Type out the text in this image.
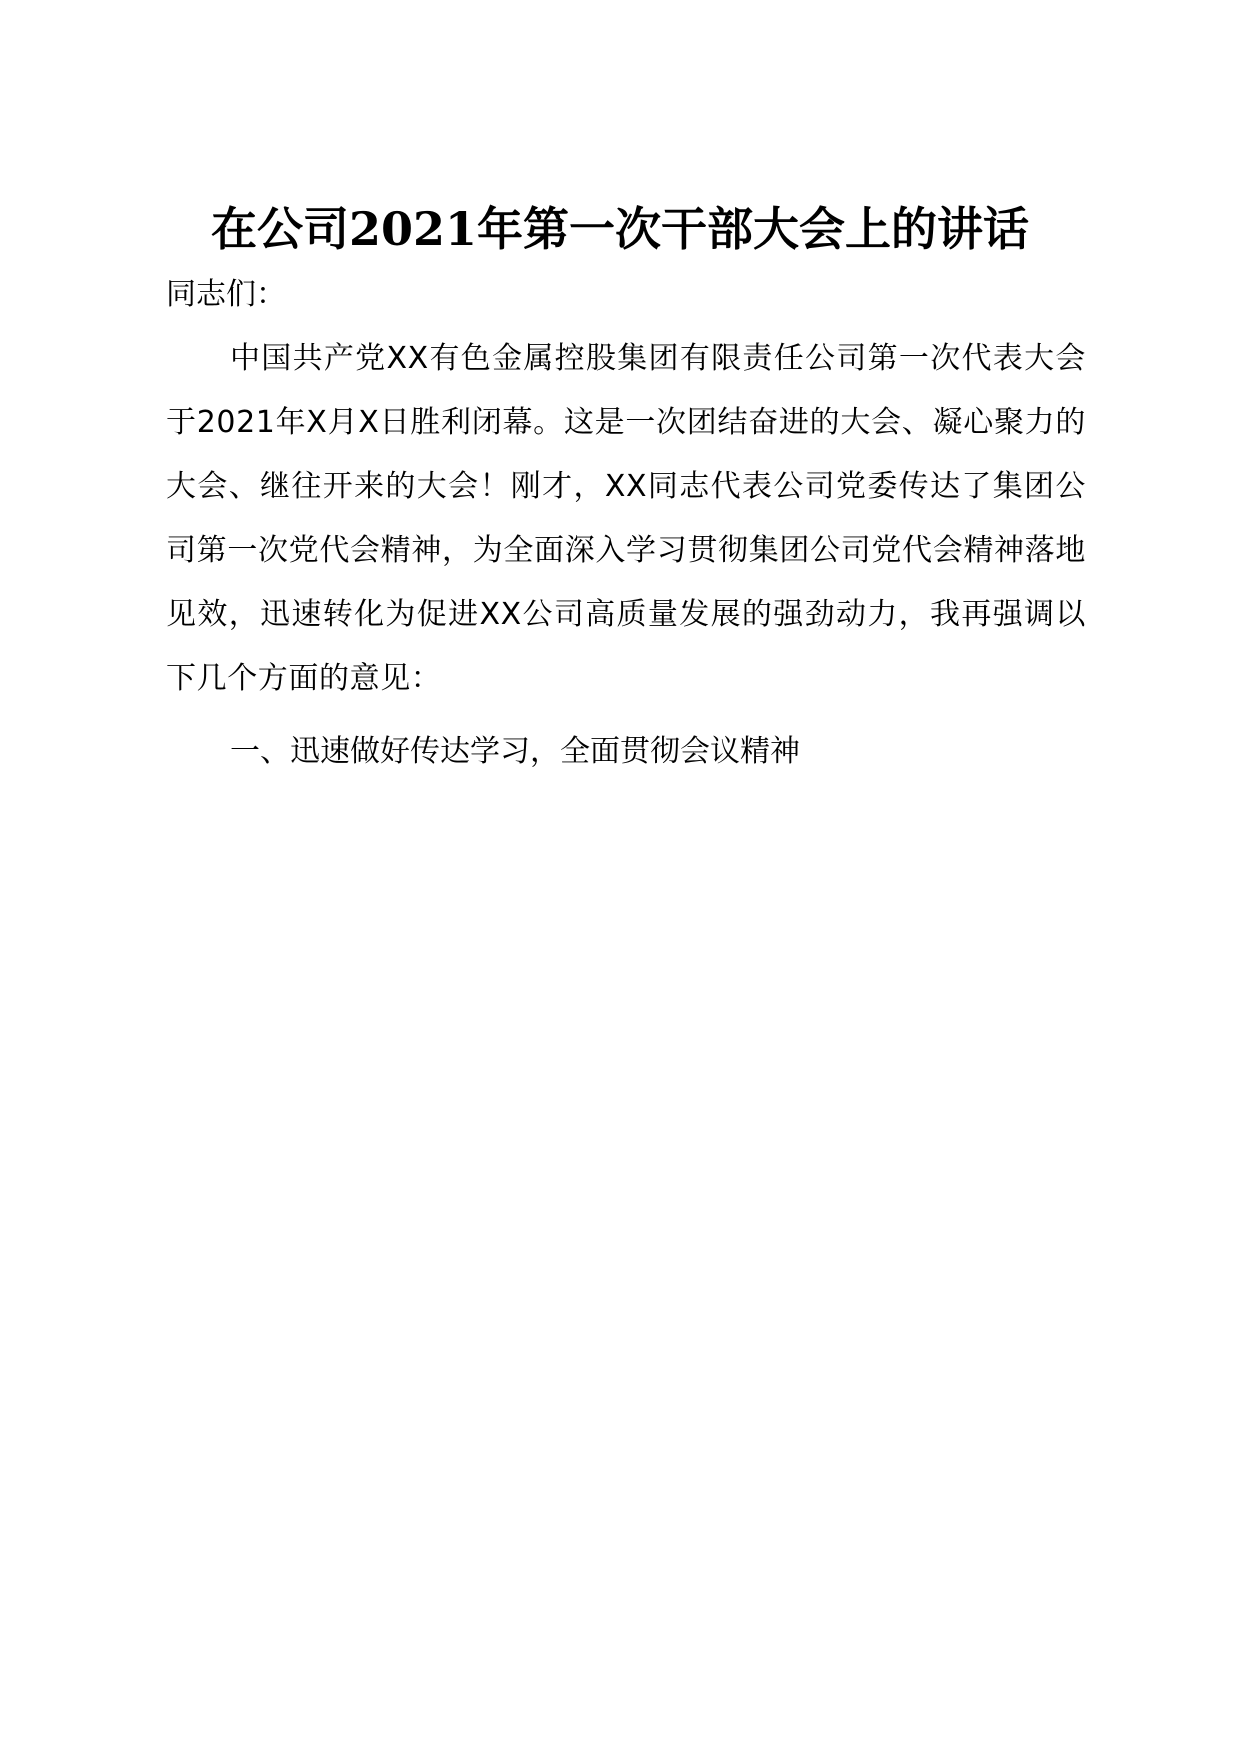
在公司2021年第一次干部大会上的讲话

同志们：

中国共产党XX有色金属控股集团有限责任公司第一次代表大会于2021年X月X日胜利闭幕。这是一次团结奋进的大会、凝心聚力的大会、继往开来的大会！刚才，XX同志代表公司党委传达了集团公司第一次党代会精神，为全面深入学习贯彻集团公司党代会精神落地见效，迅速转化为促进XX公司高质量发展的强劲动力，我再强调以下几个方面的意见：

一、迅速做好传达学习，全面贯彻会议精神
